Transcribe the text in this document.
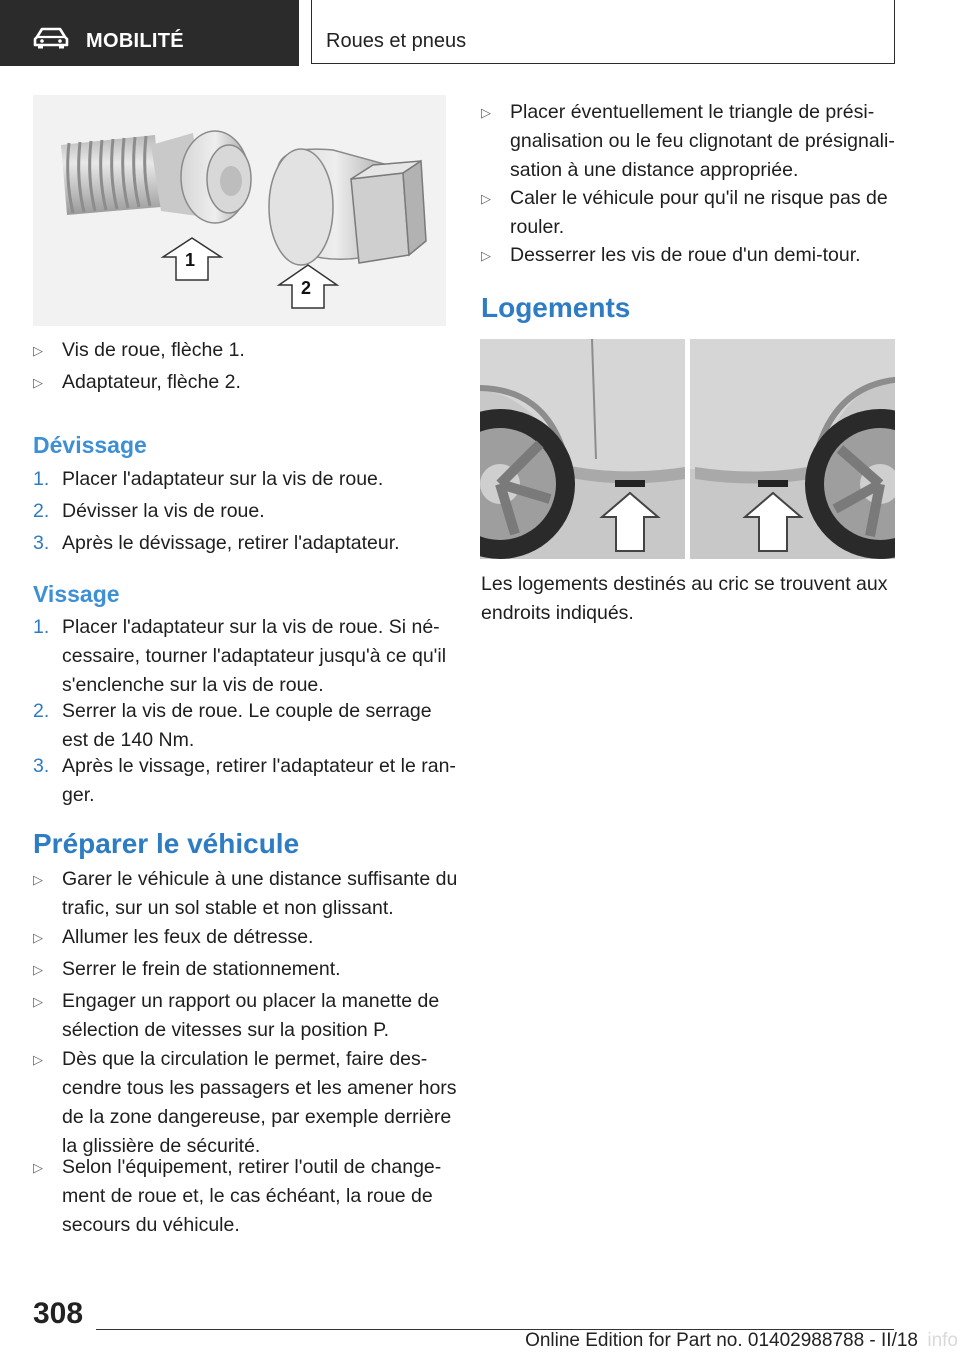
MOBILITÉ	Roues et pneus
1
2
▷ Vis de roue, flèche 1.
▷ Adaptateur, flèche 2.
Dévissage
1. Placer l'adaptateur sur la vis de roue.
2. Dévisser la vis de roue.
3. Après le dévissage, retirer l'adaptateur.
Vissage
1. Placer l'adaptateur sur la vis de roue. Si né‐
cessaire, tourner l'adaptateur jusqu'à ce qu'il
s'enclenche sur la vis de roue.
2. Serrer la vis de roue. Le couple de serrage
est de 140 Nm.
3. Après le vissage, retirer l'adaptateur et le ran‐
ger.
Préparer le véhicule
▷ Garer le véhicule à une distance suffisante du
trafic, sur un sol stable et non glissant.
▷ Allumer les feux de détresse.
▷ Serrer le frein de stationnement.
▷ Engager un rapport ou placer la manette de
sélection de vitesses sur la position P.
▷ Dès que la circulation le permet, faire des‐
cendre tous les passagers et les amener hors
de la zone dangereuse, par exemple derrière
la glissière de sécurité.
▷ Selon l'équipement, retirer l'outil de change‐
ment de roue et, le cas échéant, la roue de
secours du véhicule.
▷ Placer éventuellement le triangle de prési‐
gnalisation ou le feu clignotant de présignali‐
sation à une distance appropriée.
▷ Caler le véhicule pour qu'il ne risque pas de
rouler.
▷ Desserrer les vis de roue d'un demi-tour.
Logements
Les logements destinés au cric se trouvent aux
endroits indiqués.
308
Online Edition for Part no. 01402988788 - II/18 info
